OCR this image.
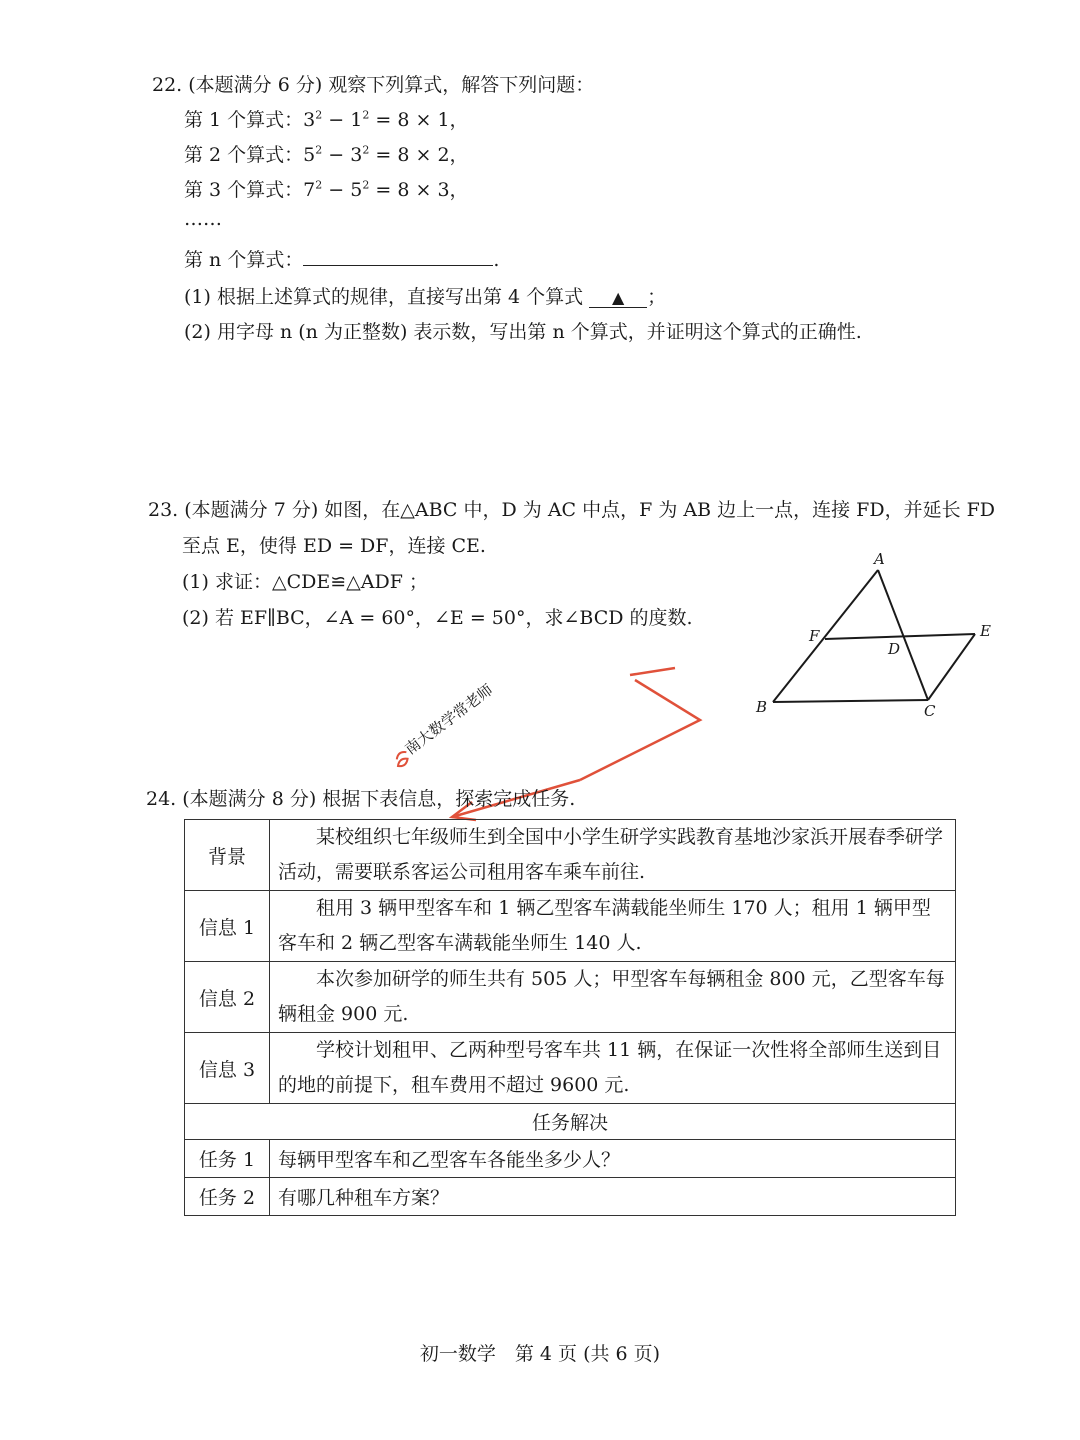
22. (本题满分 6 分) 观察下列算式，解答下列问题：
第 1 个算式：$3^2 - 1^2 = 8 \times 1$，
第 2 个算式：$5^2 - 3^2 = 8 \times 2$，
第 3 个算式：$7^2 - 5^2 = 8 \times 3$，
……
第 n 个算式：	.
(1) 根据上述算式的规律，直接写出第 4 个算式 ▲ ；
(2) 用字母 n (n 为正整数) 表示数，写出第 n 个算式，并证明这个算式的正确性.
23. (本题满分 7 分) 如图，在△ABC 中，D 为 AC 中点，F 为 AB 边上一点，连接 FD，并延长 FD
至点 E，使得 ED = DF，连接 CE.
(1) 求证：△CDE≌△ADF ；
(2) 若 EF∥BC，∠A = 60°，∠E = 50°，求∠BCD 的度数.
A
B	C
D
E
F
南大数学常老师
24. (本题满分 8 分) 根据下表信息，探索完成任务.
背景	某校组织七年级师生到全国中小学生研学实践教育基地沙家浜开展春季研学活动，需要联系客运公司租用客车乘车前往.
信息 1	租用 3 辆甲型客车和 1 辆乙型客车满载能坐师生 170 人；租用 1 辆甲型客车和 2 辆乙型客车满载能坐师生 140 人.
信息 2	本次参加研学的师生共有 505 人；甲型客车每辆租金 800 元，乙型客车每辆租金 900 元.
信息 3	学校计划租甲、乙两种型号客车共 11 辆，在保证一次性将全部师生送到目的地的前提下，租车费用不超过 9600 元.
任务解决	
任务 1	每辆甲型客车和乙型客车各能坐多少人？
任务 2	有哪几种租车方案？
初一数学　第 4 页 (共 6 页)
